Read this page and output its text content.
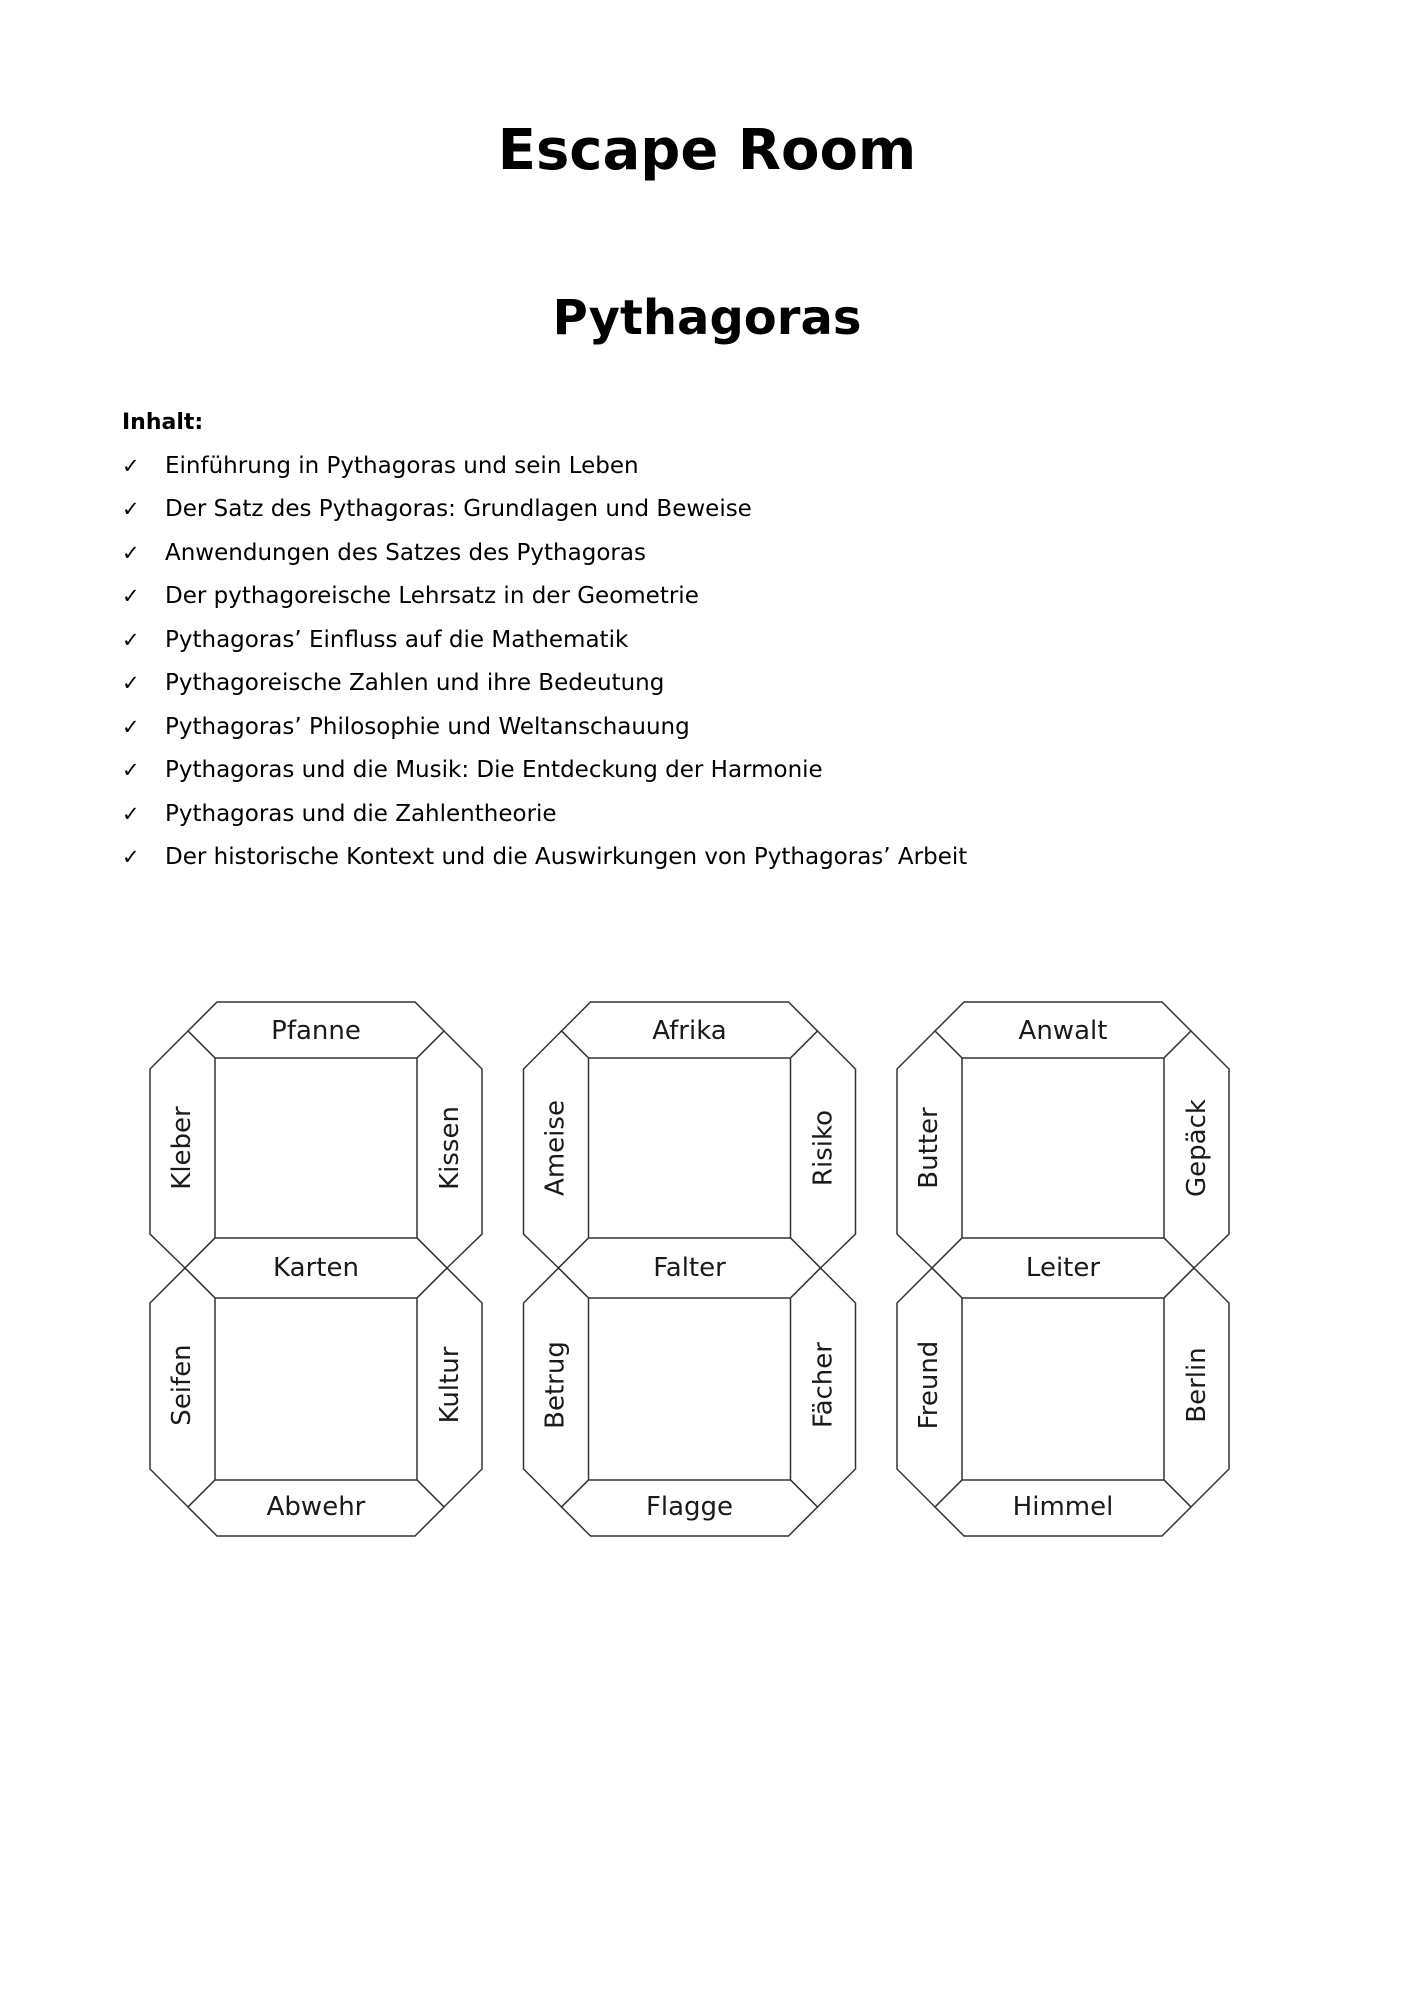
Escape Room
Pythagoras
Inhalt:
✓	Einführung in Pythagoras und sein Leben
✓	Der Satz des Pythagoras: Grundlagen und Beweise
✓	Anwendungen des Satzes des Pythagoras
✓	Der pythagoreische Lehrsatz in der Geometrie
✓	Pythagoras’ Einfluss auf die Mathematik
✓	Pythagoreische Zahlen und ihre Bedeutung
✓	Pythagoras’ Philosophie und Weltanschauung
✓	Pythagoras und die Musik: Die Entdeckung der Harmonie
✓	Pythagoras und die Zahlentheorie
✓	Der historische Kontext und die Auswirkungen von Pythagoras’ Arbeit
Pfanne
Kleber	Kissen
Karten
Seifen	Kultur
Abwehr
Afrika
Ameise	Risiko
Falter
Betrug	Fächer
Flagge
Anwalt
Butter	Gepäck
Leiter
Freund	Berlin
Himmel
